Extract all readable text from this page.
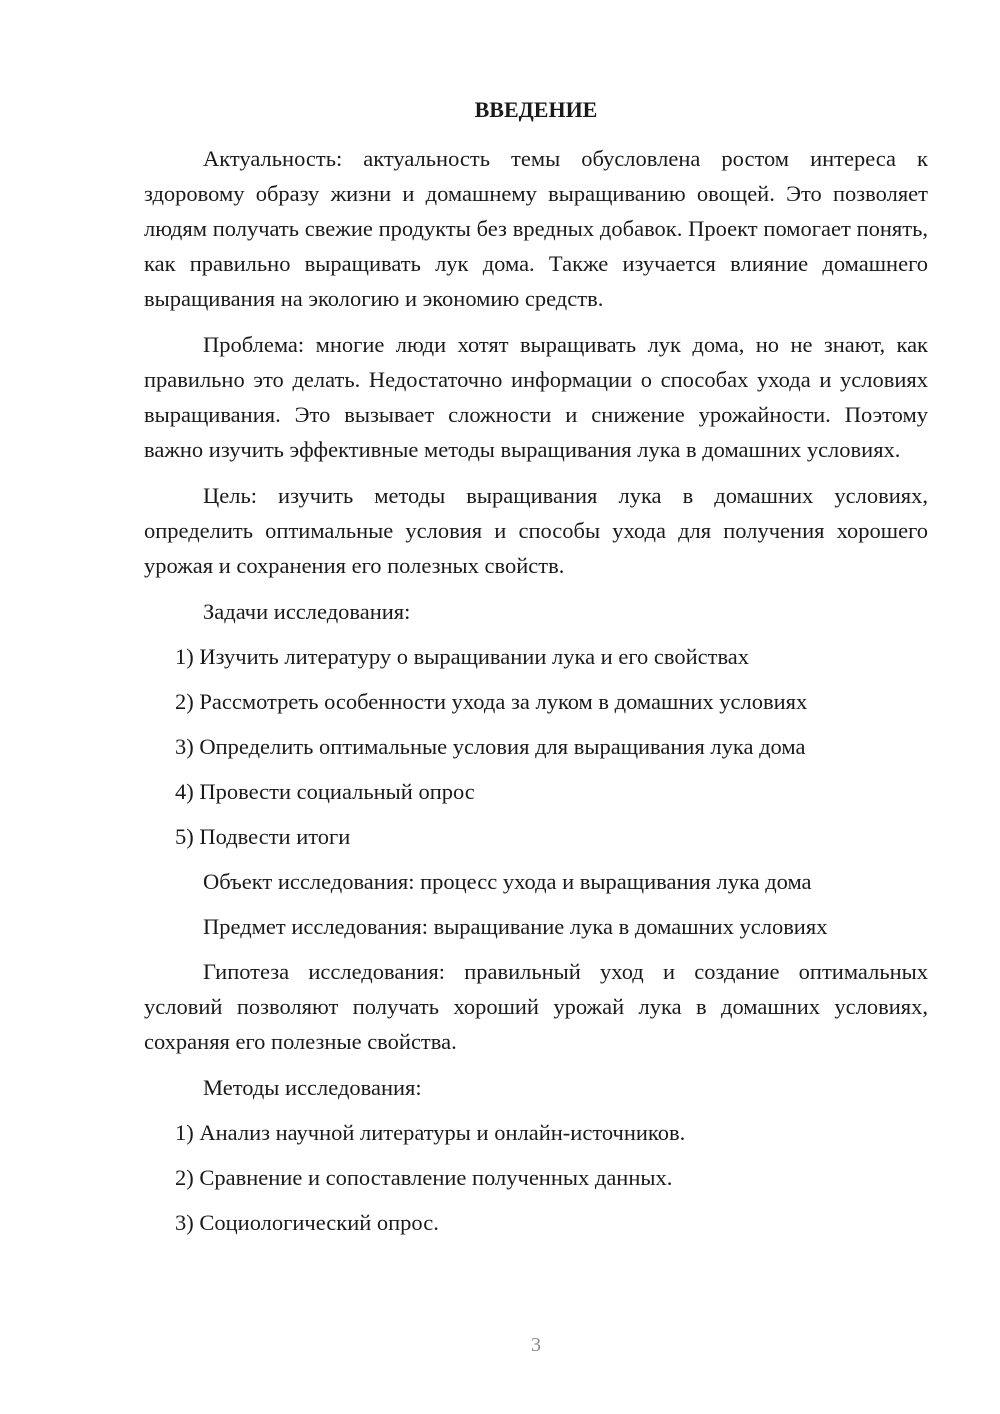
ВВЕДЕНИЕ

Актуальность: актуальность темы обусловлена ростом интереса к здоровому образу жизни и домашнему выращиванию овощей. Это позволяет людям получать свежие продукты без вредных добавок. Проект помогает понять, как правильно выращивать лук дома. Также изучается влияние домашнего выращивания на экологию и экономию средств.

Проблема: многие люди хотят выращивать лук дома, но не знают, как правильно это делать. Недостаточно информации о способах ухода и условиях выращивания. Это вызывает сложности и снижение урожайности. Поэтому важно изучить эффективные методы выращивания лука в домашних условиях.

Цель: изучить методы выращивания лука в домашних условиях, определить оптимальные условия и способы ухода для получения хорошего урожая и сохранения его полезных свойств.

Задачи исследования:

1) Изучить литературу о выращивании лука и его свойствах
2) Рассмотреть особенности ухода за луком в домашних условиях
3) Определить оптимальные условия для выращивания лука дома
4) Провести социальный опрос
5) Подвести итоги

Объект исследования: процесс ухода и выращивания лука дома

Предмет исследования: выращивание лука в домашних условиях

Гипотеза исследования: правильный уход и создание оптимальных условий позволяют получать хороший урожай лука в домашних условиях, сохраняя его полезные свойства.

Методы исследования:

1) Анализ научной литературы и онлайн-источников.
2) Сравнение и сопоставление полученных данных.
3) Социологический опрос.
3
